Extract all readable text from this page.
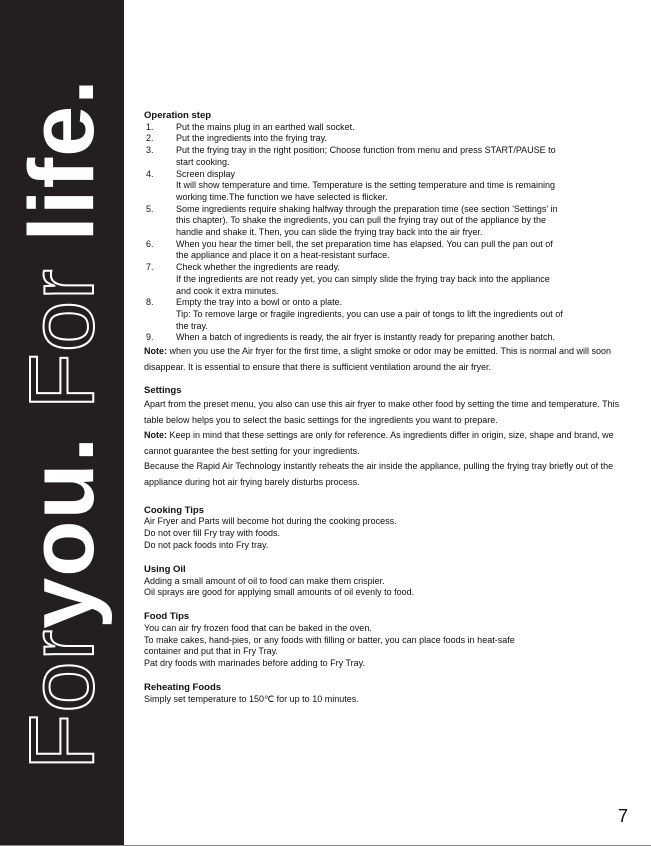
Foryou. For life.

Operation step

1. Put the mains plug in an earthed wall socket.
2. Put the ingredients into the frying tray.
3. Put the frying tray in the right position; Choose function from menu and press START/PAUSE to
start cooking.
4. Screen display
It will show temperature and time. Temperature is the setting temperature and time is remaining
working time.The function we have selected is flicker.
5. Some ingredients require shaking halfway through the preparation time (see section 'Settings' in
this chapter). To shake the ingredients, you can pull the frying tray out of the appliance by the
handle and shake it. Then, you can slide the frying tray back into the air fryer.
6. When you hear the timer bell, the set preparation time has elapsed. You can pull the pan out of
the appliance and place it on a heat-resistant surface.
7. Check whether the ingredients are ready.
If the ingredients are not ready yet, you can simply slide the frying tray back into the appliance
and cook it extra minutes.
8. Empty the tray into a bowl or onto a plate.
Tip: To remove large or fragile ingredients, you can use a pair of tongs to lift the ingredients out of
the tray.
9. When a batch of ingredients is ready, the air fryer is instantly ready for preparing another batch.

Note: when you use the Air fryer for the first time, a slight smoke or odor may be emitted. This is normal and will soon disappear. It is essential to ensure that there is sufficient ventilation around the air fryer.

Settings

Apart from the preset menu, you also can use this air fryer to make other food by setting the time and temperature. This table below helps you to select the basic settings for the ingredients you want to prepare.

Note: Keep in mind that these settings are only for reference. As ingredients differ in origin, size, shape and brand, we cannot guarantee the best setting for your ingredients.

Because the Rapid Air Technology instantly reheats the air inside the appliance, pulling the frying tray briefly out of the appliance during hot air frying barely disturbs process.

Cooking Tips

Air Fryer and Parts will become hot during the cooking process.

Do not over fill Fry tray with foods.

Do not pack foods into Fry tray.

Using Oil

Adding a small amount of oil to food can make them crispier.

Oil sprays are good for applying small amounts of oil evenly to food.

Food Tips

You can air fry frozen food that can be baked in the oven.

To make cakes, hand-pies, or any foods with filling or batter, you can place foods in heat-safe

container and put that in Fry Tray.

Pat dry foods with marinades before adding to Fry Tray.

Reheating Foods

Simply set temperature to 150℃ for up to 10 minutes.

7
